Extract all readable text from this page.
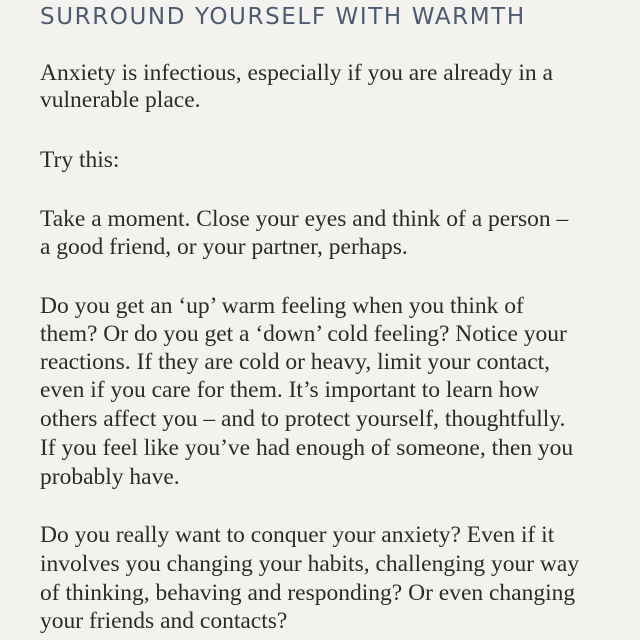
SURROUND YOURSELF WITH WARMTH

Anxiety is infectious, especially if you are already in a

vulnerable place.

Try this:

Take a moment. Close your eyes and think of a person –

a good friend, or your partner, perhaps.

Do you get an ‘up’ warm feeling when you think of

them? Or do you get a ‘down’ cold feeling? Notice your

reactions. If they are cold or heavy, limit your contact,

even if you care for them. It’s important to learn how

others affect you – and to protect yourself, thoughtfully.

If you feel like you’ve had enough of someone, then you

probably have.

Do you really want to conquer your anxiety? Even if it

involves you changing your habits, challenging your way

of thinking, behaving and responding? Or even changing

your friends and contacts?
